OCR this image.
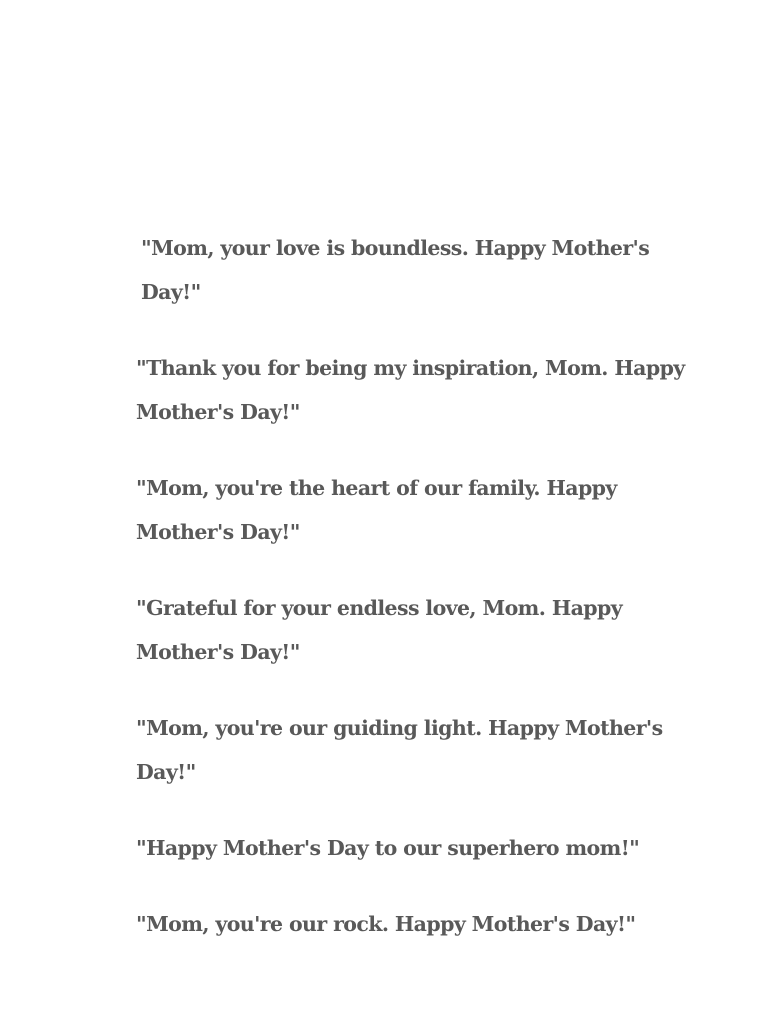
"Mom, your love is boundless. Happy Mother's Day!"
"Thank you for being my inspiration, Mom. Happy Mother's Day!"
"Mom, you're the heart of our family. Happy Mother's Day!"
"Grateful for your endless love, Mom. Happy Mother's Day!"
"Mom, you're our guiding light. Happy Mother's Day!"
"Happy Mother's Day to our superhero mom!"
"Mom, you're our rock. Happy Mother's Day!"
